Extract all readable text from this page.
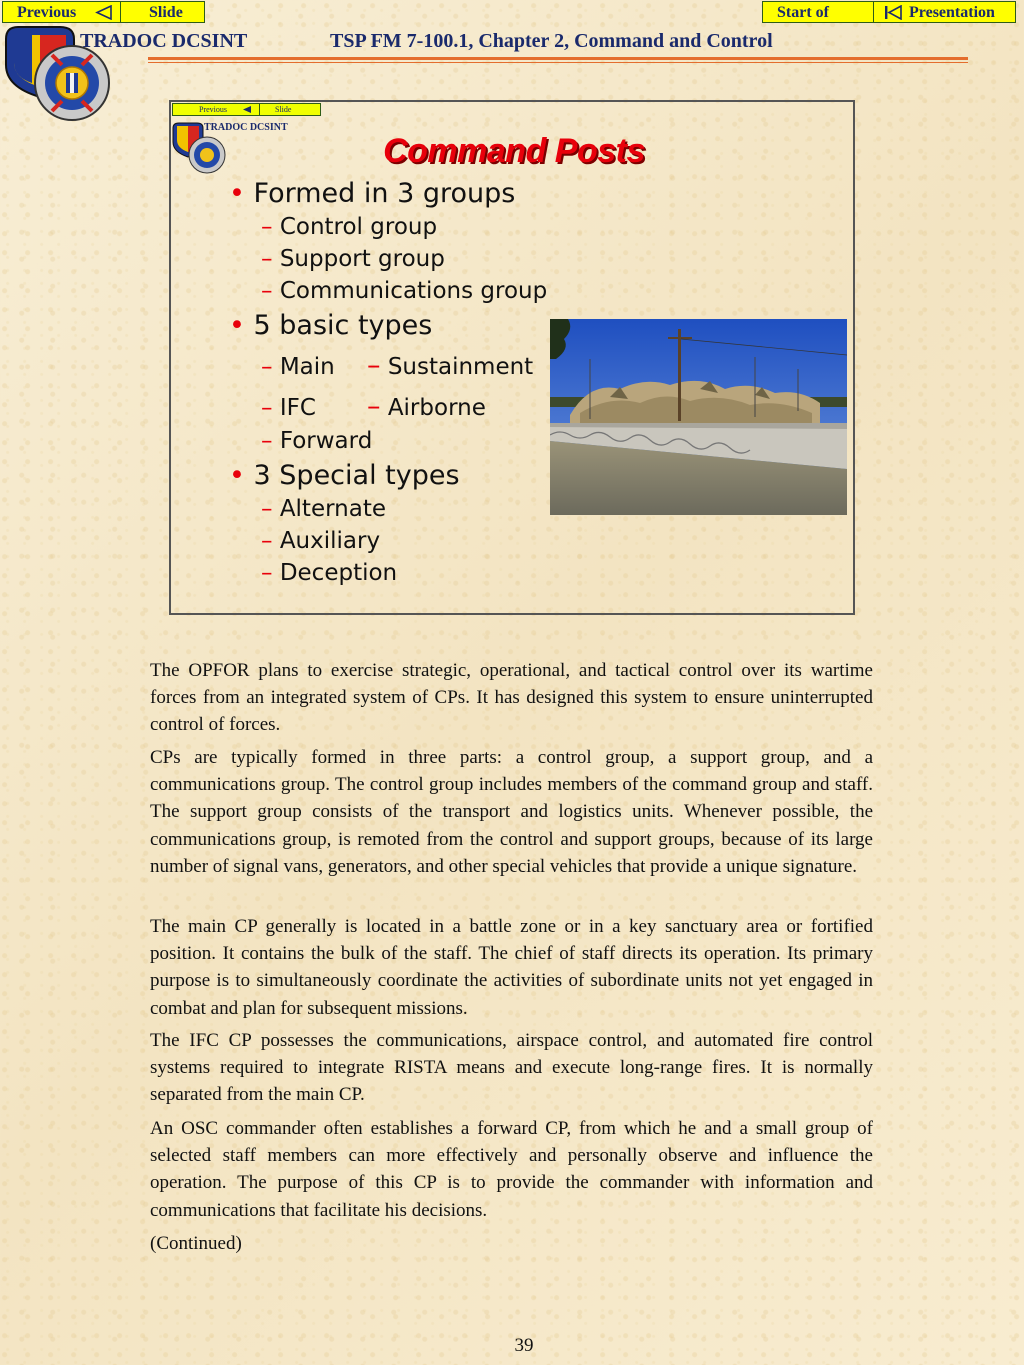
Previous	Slide	Start of	Presentation
TRADOC DCSINT	TSP FM 7-100.1, Chapter 2, Command and Control
Previous	Slide
TRADOC DCSINT
Command Posts
• Formed in 3 groups
– Control group
– Support group
– Communications group
• 5 basic types
– Main – Sustainment
– IFC – Airborne
– Forward
• 3 Special types
– Alternate
– Auxiliary
– Deception

The OPFOR plans to exercise strategic, operational, and tactical control over its wartime forces from an integrated system of CPs. It has designed this system to ensure uninterrupted control of forces.

CPs are typically formed in three parts: a control group, a support group, and a communications group. The control group includes members of the command group and staff. The support group consists of the transport and logistics units. Whenever possible, the communications group, is remoted from the control and support groups, because of its large number of signal vans, generators, and other special vehicles that provide a unique signature.

The main CP generally is located in a battle zone or in a key sanctuary area or fortified position. It contains the bulk of the staff. The chief of staff directs its operation. Its primary purpose is to simultaneously coordinate the activities of subordinate units not yet engaged in combat and plan for subsequent missions.

The IFC CP possesses the communications, airspace control, and automated fire control systems required to integrate RISTA means and execute long-range fires. It is normally separated from the main CP.

An OSC commander often establishes a forward CP, from which he and a small group of selected staff members can more effectively and personally observe and influence the operation. The purpose of this CP is to provide the commander with information and communications that facilitate his decisions.

(Continued)

39
